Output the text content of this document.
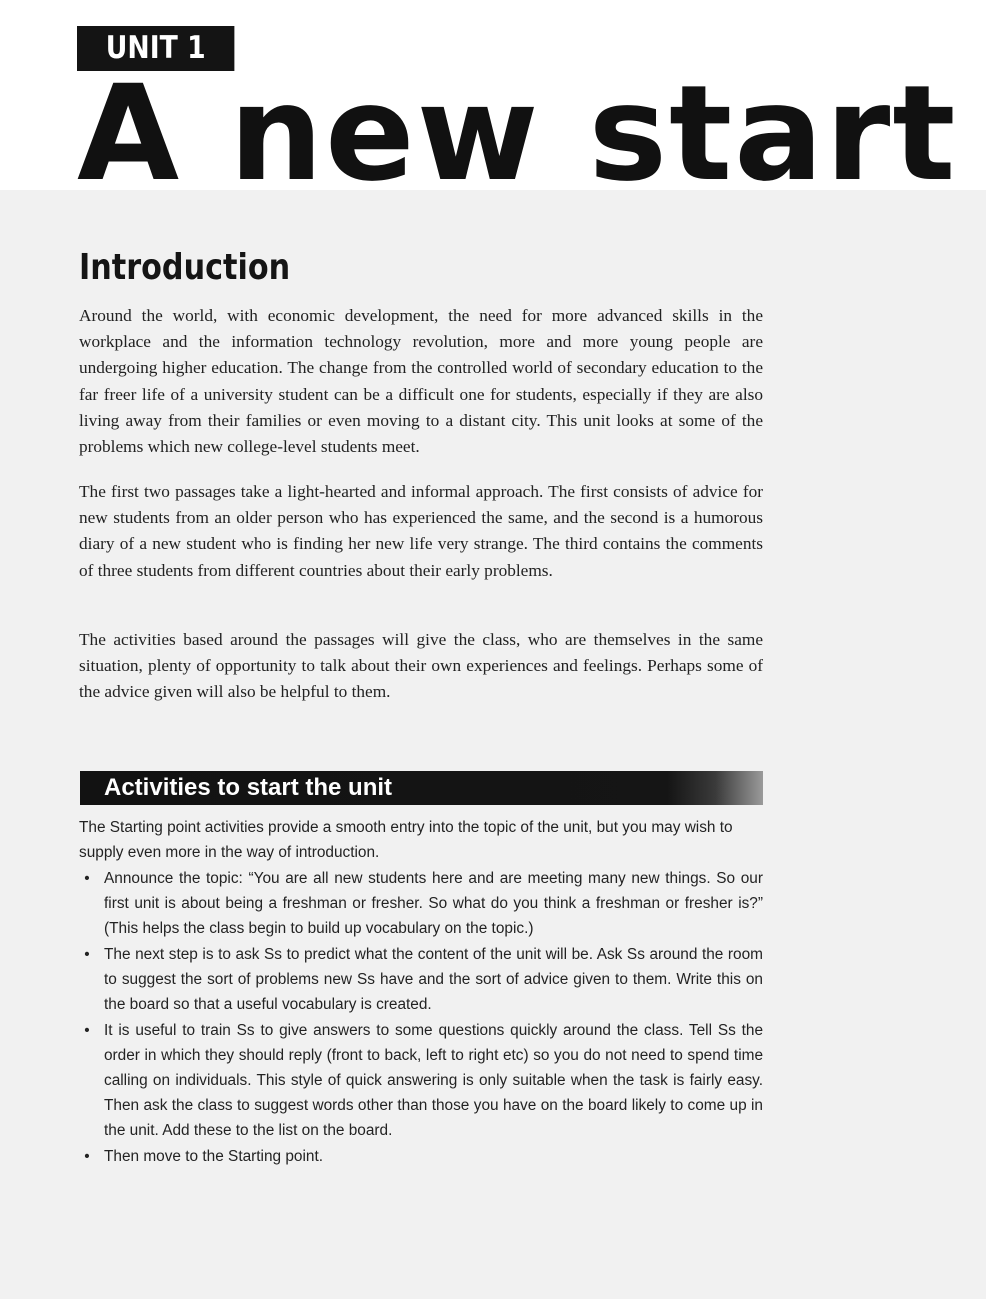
UNIT 1
A new start
Introduction

Around the world, with economic development, the need for more advanced skills in the workplace and the information technology revolution, more and more young people are undergoing higher education. The change from the controlled world of secondary education to the far freer life of a university student can be a difficult one for students, especially if they are also living away from their families or even moving to a distant city. This unit looks at some of the problems which new college-level students meet.

The first two passages take a light-hearted and informal approach. The first consists of advice for new students from an older person who has experienced the same, and the second is a humorous diary of a new student who is finding her new life very strange. The third contains the comments of three students from different countries about their early problems.

The activities based around the passages will give the class, who are themselves in the same situation, plenty of opportunity to talk about their own experiences and feelings. Perhaps some of the advice given will also be helpful to them.

Activities to start the unit

The Starting point activities provide a smooth entry into the topic of the unit, but you may wish to supply even more in the way of introduction.

• Announce the topic: “You are all new students here and are meeting many new things. So our first unit is about being a freshman or fresher. So what do you think a freshman or fresher is?” (This helps the class begin to build up vocabulary on the topic.)
• The next step is to ask Ss to predict what the content of the unit will be. Ask Ss around the room to suggest the sort of problems new Ss have and the sort of advice given to them. Write this on the board so that a useful vocabulary is created.
• It is useful to train Ss to give answers to some questions quickly around the class. Tell Ss the order in which they should reply (front to back, left to right etc) so you do not need to spend time calling on individuals. This style of quick answering is only suitable when the task is fairly easy. Then ask the class to suggest words other than those you have on the board likely to come up in the unit. Add these to the list on the board.
• Then move to the Starting point.
